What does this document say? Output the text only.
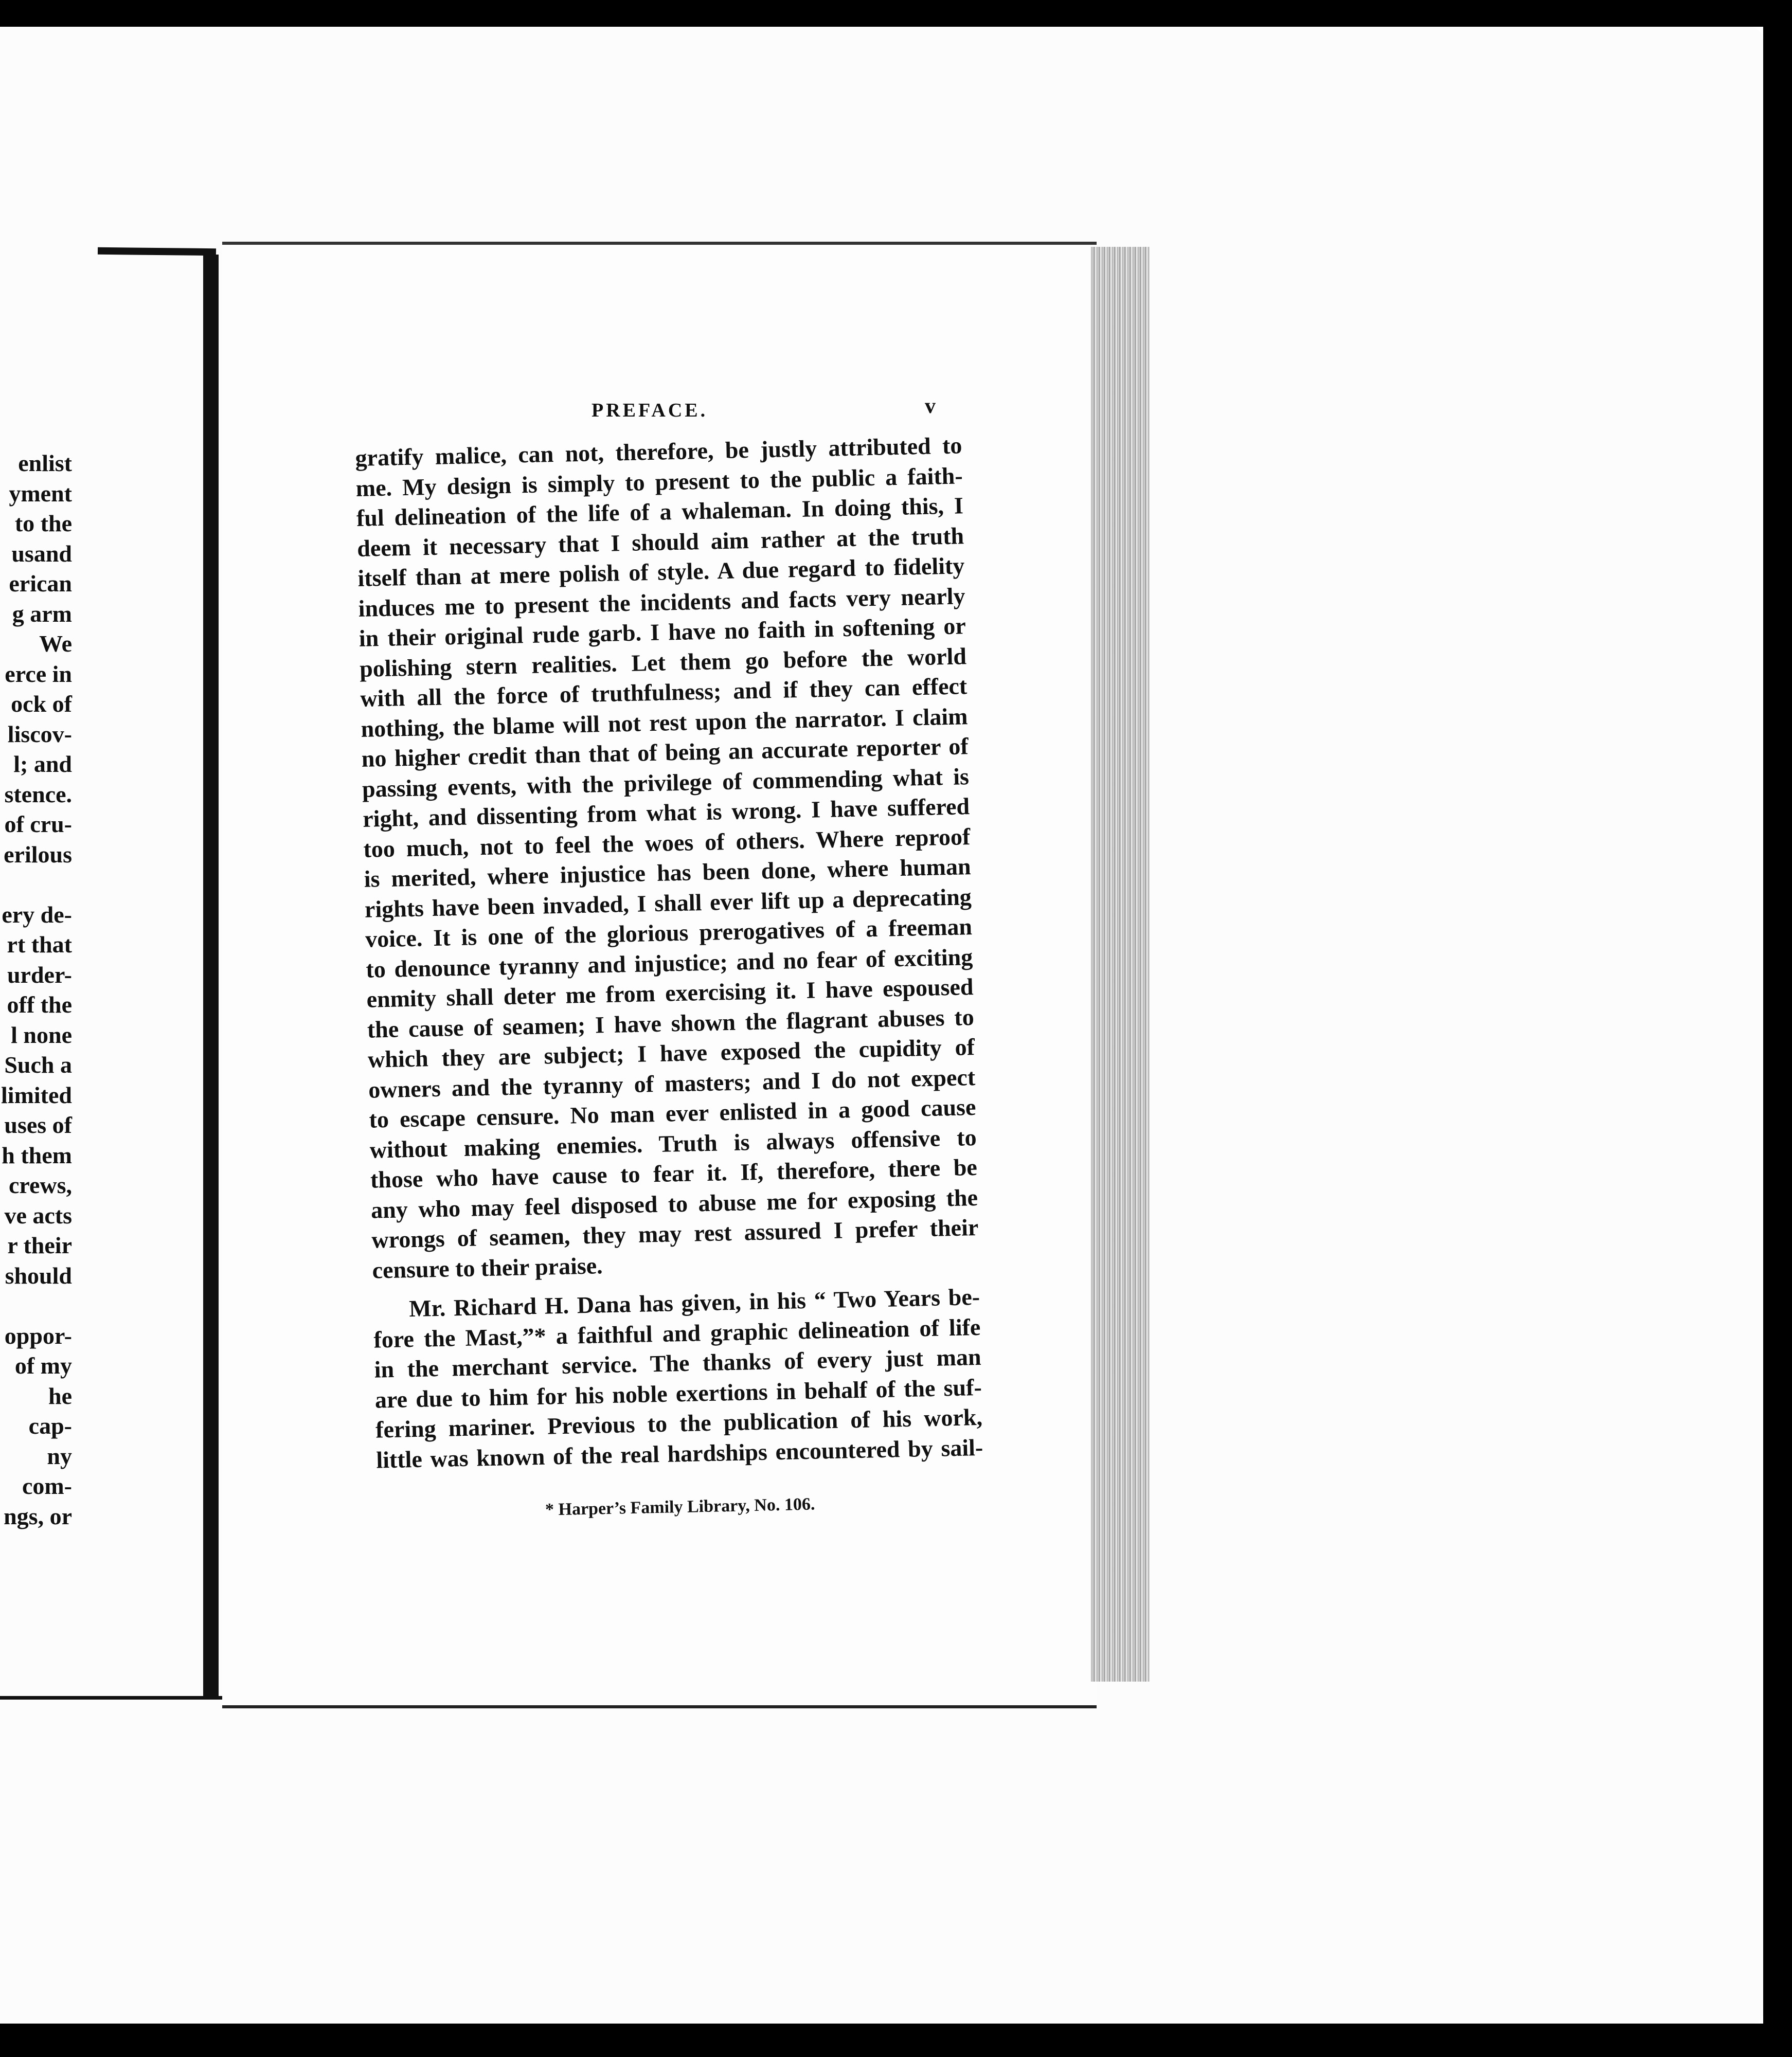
enlist
yment
to the
usand
erican
g arm
We
erce in
ock of
liscov-
l; and
stence.
of cru-
erilous

ery de-
rt that
urder-
off the
l none
Such a
limited
uses of
h them
crews,
ve acts
r their
should

oppor-
of my
he cap-
ny com-
ngs, or
PREFACE.	v
gratify malice, can not, therefore, be justly attributed to
me. My design is simply to present to the public a faith-
ful delineation of the life of a whaleman. In doing this, I
deem it necessary that I should aim rather at the truth
itself than at mere polish of style. A due regard to fidelity
induces me to present the incidents and facts very nearly
in their original rude garb. I have no faith in softening or
polishing stern realities. Let them go before the world
with all the force of truthfulness; and if they can effect
nothing, the blame will not rest upon the narrator. I claim
no higher credit than that of being an accurate reporter of
passing events, with the privilege of commending what is
right, and dissenting from what is wrong. I have suffered
too much, not to feel the woes of others. Where reproof
is merited, where injustice has been done, where human
rights have been invaded, I shall ever lift up a deprecating
voice. It is one of the glorious prerogatives of a freeman
to denounce tyranny and injustice; and no fear of exciting
enmity shall deter me from exercising it. I have espoused
the cause of seamen; I have shown the flagrant abuses to
which they are subject; I have exposed the cupidity of
owners and the tyranny of masters; and I do not expect
to escape censure. No man ever enlisted in a good cause
without making enemies. Truth is always offensive to
those who have cause to fear it. If, therefore, there be
any who may feel disposed to abuse me for exposing the
wrongs of seamen, they may rest assured I prefer their
censure to their praise.
Mr. Richard H. Dana has given, in his “ Two Years be-
fore the Mast,”* a faithful and graphic delineation of life
in the merchant service. The thanks of every just man
are due to him for his noble exertions in behalf of the suf-
fering mariner. Previous to the publication of his work,
little was known of the real hardships encountered by sail-
* Harper’s Family Library, No. 106.
